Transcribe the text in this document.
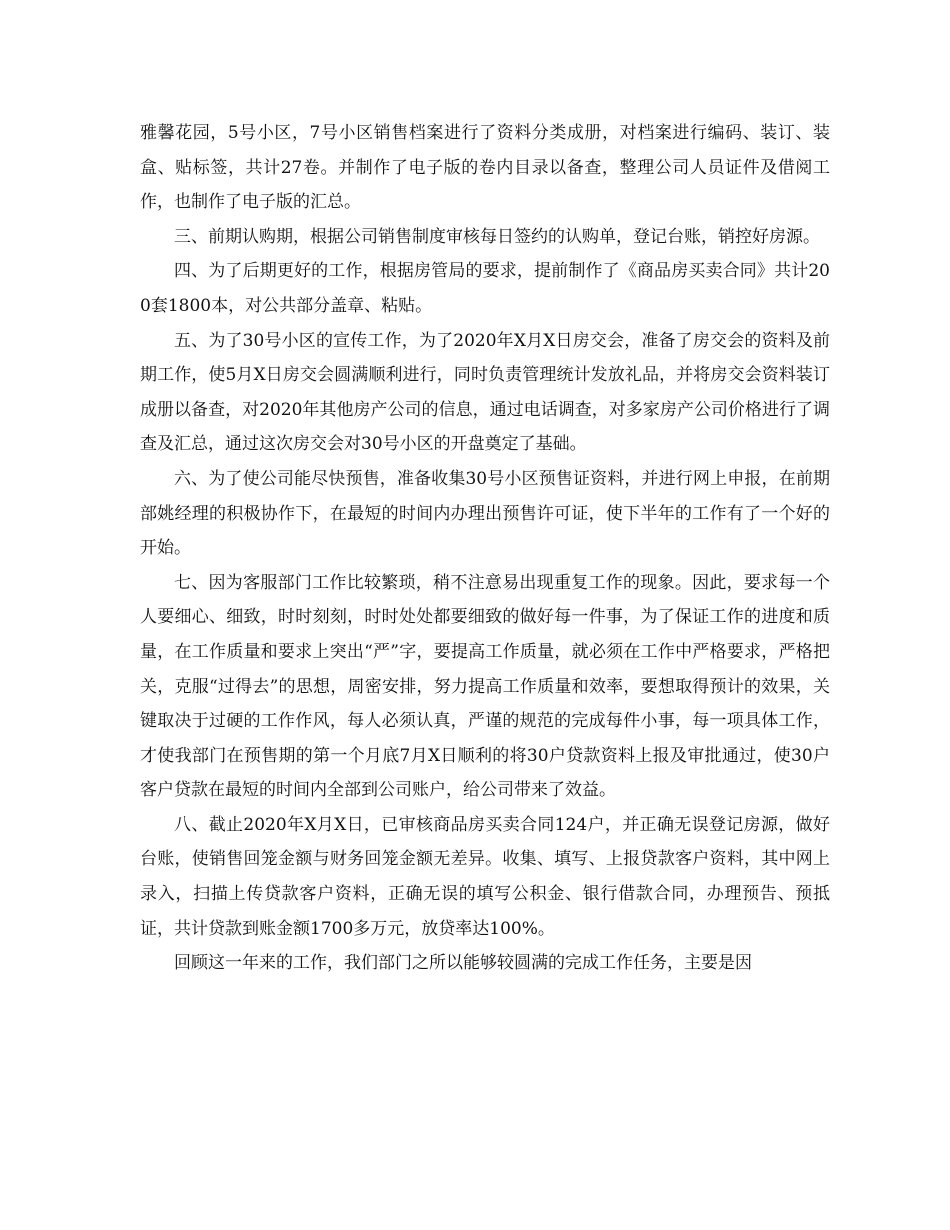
雅馨花园，5号小区，7号小区销售档案进行了资料分类成册，对档案进行编码、装订、装盒、贴标签，共计27卷。并制作了电子版的卷内目录以备查，整理公司人员证件及借阅工作，也制作了电子版的汇总。

三、前期认购期，根据公司销售制度审核每日签约的认购单，登记台账，销控好房源。

四、为了后期更好的工作，根据房管局的要求，提前制作了《商品房买卖合同》共计200套1800本，对公共部分盖章、粘贴。

五、为了30号小区的宣传工作，为了2020年X月X日房交会，准备了房交会的资料及前期工作，使5月X日房交会圆满顺利进行，同时负责管理统计发放礼品，并将房交会资料装订成册以备查，对2020年其他房产公司的信息，通过电话调查，对多家房产公司价格进行了调查及汇总，通过这次房交会对30号小区的开盘奠定了基础。

六、为了使公司能尽快预售，准备收集30号小区预售证资料，并进行网上申报，在前期部姚经理的积极协作下，在最短的时间内办理出预售许可证，使下半年的工作有了一个好的开始。

七、因为客服部门工作比较繁琐，稍不注意易出现重复工作的现象。因此，要求每一个人要细心、细致，时时刻刻，时时处处都要细致的做好每一件事，为了保证工作的进度和质量，在工作质量和要求上突出“严”字，要提高工作质量，就必须在工作中严格要求，严格把关，克服“过得去”的思想，周密安排，努力提高工作质量和效率，要想取得预计的效果，关键取决于过硬的工作作风，每人必须认真，严谨的规范的完成每件小事，每一项具体工作，才使我部门在预售期的第一个月底7月X日顺利的将30户贷款资料上报及审批通过，使30户客户贷款在最短的时间内全部到公司账户，给公司带来了效益。

八、截止2020年X月X日，已审核商品房买卖合同124户，并正确无误登记房源，做好台账，使销售回笼金额与财务回笼金额无差异。收集、填写、上报贷款客户资料，其中网上录入，扫描上传贷款客户资料，正确无误的填写公积金、银行借款合同，办理预告、预抵证，共计贷款到账金额1700多万元，放贷率达100%。

回顾这一年来的工作，我们部门之所以能够较圆满的完成工作任务，主要是因
